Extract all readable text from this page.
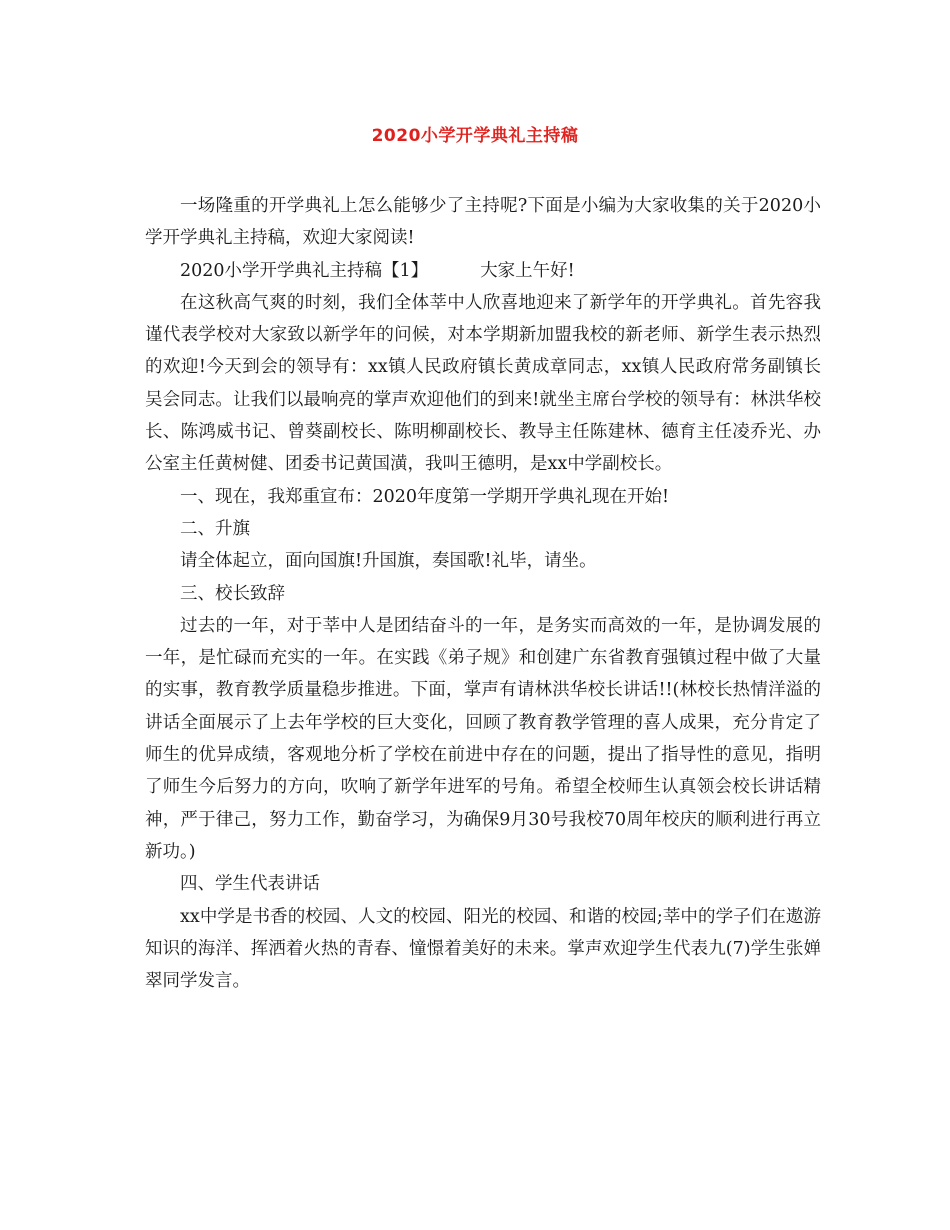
2020小学开学典礼主持稿

一场隆重的开学典礼上怎么能够少了主持呢?下面是小编为大家收集的关于2020小学开学典礼主持稿，欢迎大家阅读!

2020小学开学典礼主持稿【1】	大家上午好!

在这秋高气爽的时刻，我们全体莘中人欣喜地迎来了新学年的开学典礼。首先容我谨代表学校对大家致以新学年的问候，对本学期新加盟我校的新老师、新学生表示热烈的欢迎!今天到会的领导有：xx镇人民政府镇长黄成章同志，xx镇人民政府常务副镇长吴会同志。让我们以最响亮的掌声欢迎他们的到来!就坐主席台学校的领导有：林洪华校长、陈鸿威书记、曾葵副校长、陈明柳副校长、教导主任陈建林、德育主任凌乔光、办公室主任黄树健、团委书记黄国潢，我叫王德明，是xx中学副校长。

一、现在，我郑重宣布：2020年度第一学期开学典礼现在开始!

二、升旗

请全体起立，面向国旗!升国旗，奏国歌!礼毕，请坐。

三、校长致辞

过去的一年，对于莘中人是团结奋斗的一年，是务实而高效的一年，是协调发展的一年，是忙碌而充实的一年。在实践《弟子规》和创建广东省教育强镇过程中做了大量的实事，教育教学质量稳步推进。下面，掌声有请林洪华校长讲话!!(林校长热情洋溢的讲话全面展示了上去年学校的巨大变化，回顾了教育教学管理的喜人成果，充分肯定了师生的优异成绩，客观地分析了学校在前进中存在的问题，提出了指导性的意见，指明了师生今后努力的方向，吹响了新学年进军的号角。希望全校师生认真领会校长讲话精神，严于律己，努力工作，勤奋学习，为确保9月30号我校70周年校庆的顺利进行再立新功。)

四、学生代表讲话

xx中学是书香的校园、人文的校园、阳光的校园、和谐的校园;莘中的学子们在遨游知识的海洋、挥洒着火热的青春、憧憬着美好的未来。掌声欢迎学生代表九(7)学生张婵翠同学发言。
